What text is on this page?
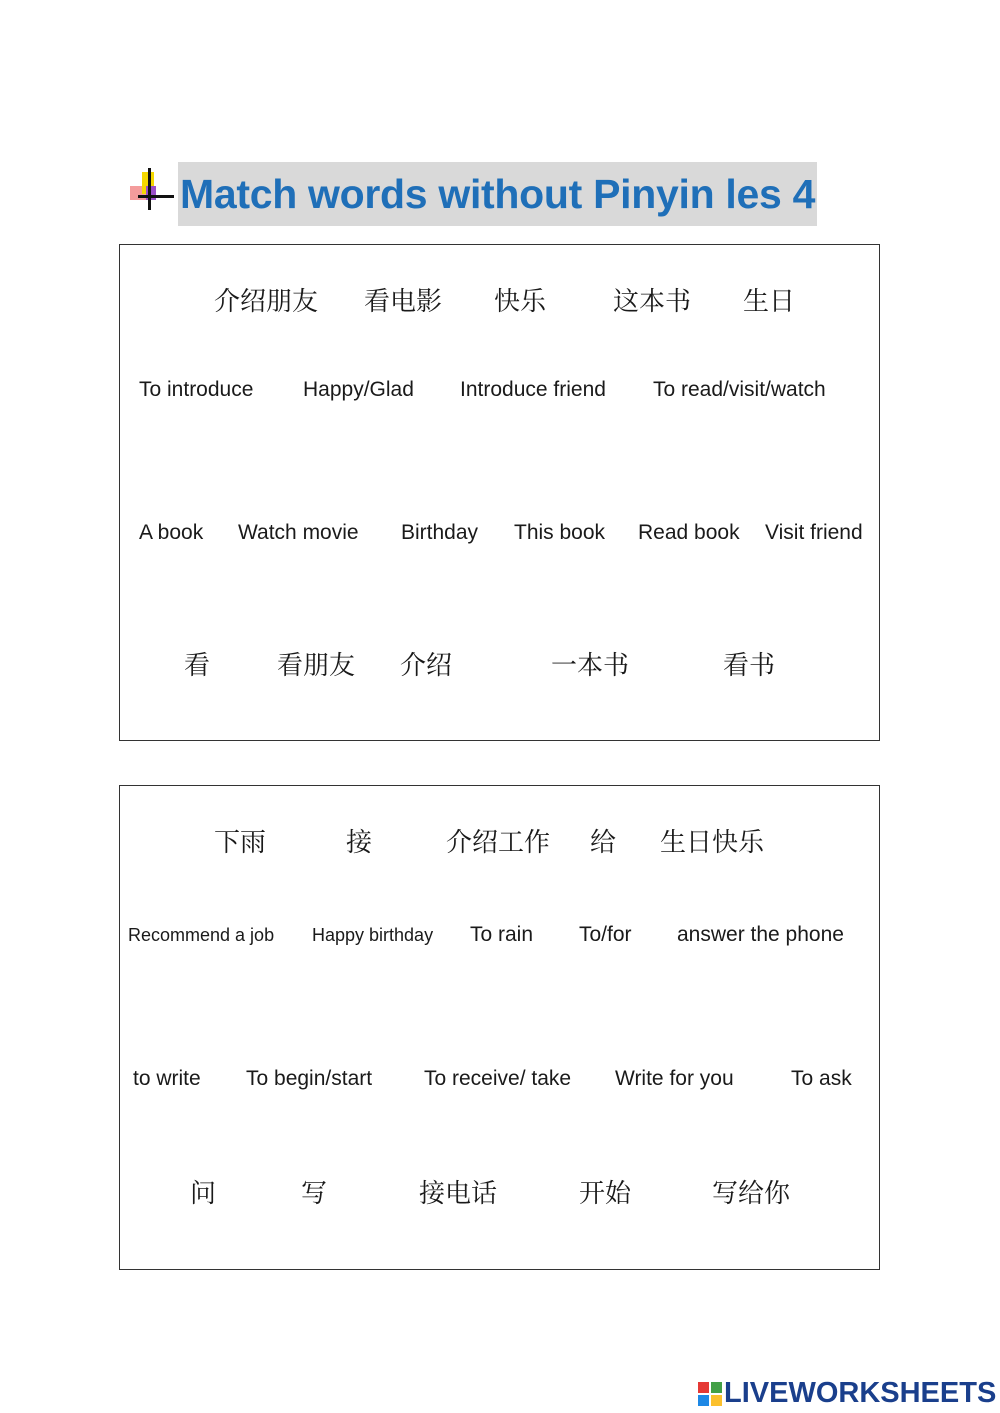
Match words without Pinyin les 4
介绍朋友 看电影 快乐	这本书 生日
To introduce Happy/Glad Introduce friend To read/visit/watch
A book Watch movie Birthday This book Read book Visit friend
看	看朋友 介绍	一本书	看书
下雨	接	介绍工作 给 生日快乐
Recommend a job Happy birthday To rain To/for answer the phone
to write To begin/start To receive/ take Write for you	To ask
问	写	接电话	开始	写给你
LIVEWORKSHEETS
